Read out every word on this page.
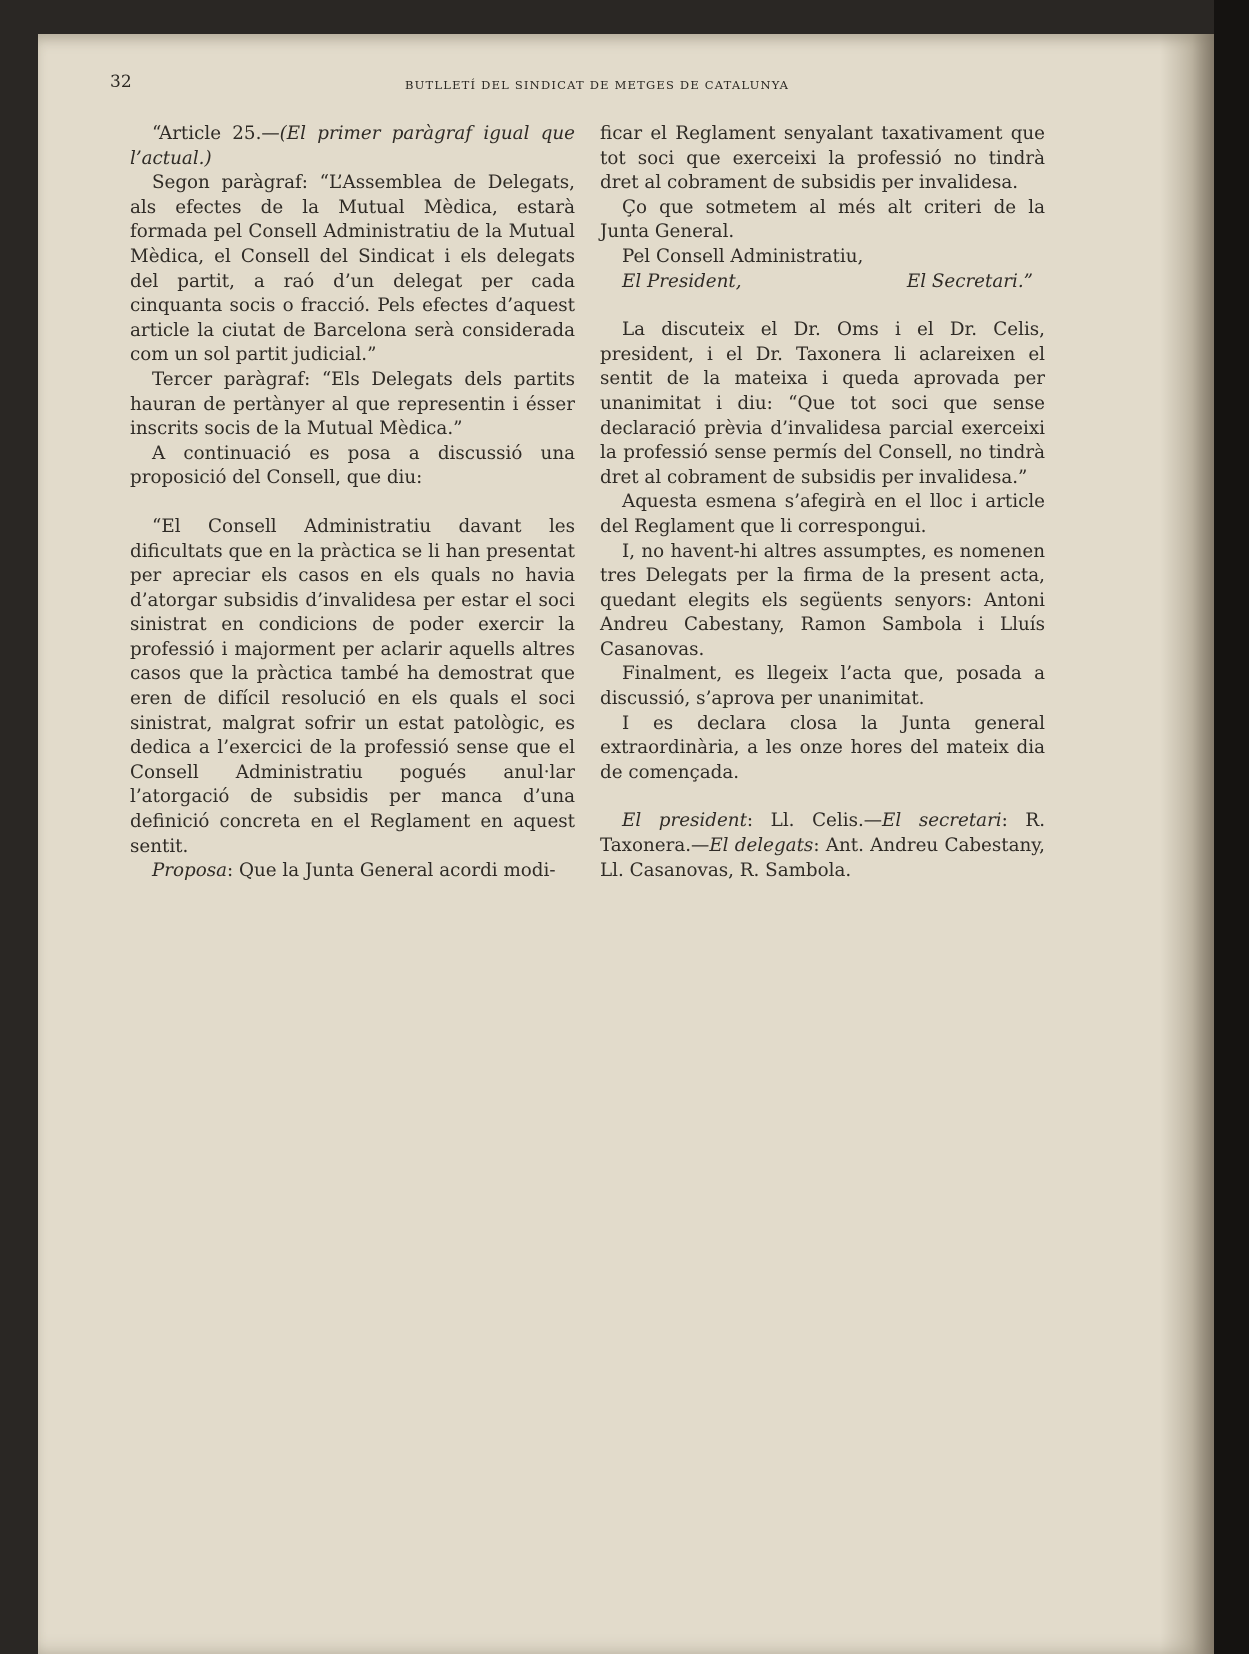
32	BUTLLETÍ DEL SINDICAT DE METGES DE CATALUNYA

“Article 25.—(El primer paràgraf igual que l’actual.)

Segon paràgraf: “L’Assemblea de Delegats, als efectes de la Mutual Mèdica, estarà formada pel Consell Administratiu de la Mutual Mèdica, el Consell del Sindicat i els delegats del partit, a raó d’un delegat per cada cinquanta socis o fracció. Pels efectes d’aquest article la ciutat de Barcelona serà considerada com un sol partit judicial.”

Tercer paràgraf: “Els Delegats dels partits hauran de pertànyer al que representin i ésser inscrits socis de la Mutual Mèdica.”

A continuació es posa a discussió una proposició del Consell, que diu:

“El Consell Administratiu davant les dificultats que en la pràctica se li han presentat per apreciar els casos en els quals no havia d’atorgar subsidis d’invalidesa per estar el soci sinistrat en condicions de poder exercir la professió i majorment per aclarir aquells altres casos que la pràctica també ha demostrat que eren de difícil resolució en els quals el soci sinistrat, malgrat sofrir un estat patològic, es dedica a l’exercici de la professió sense que el Consell Administratiu pogués anul·lar l’atorgació de subsidis per manca d’una definició concreta en el Reglament en aquest sentit.

Proposa: Que la Junta General acordi modi-

ficar el Reglament senyalant taxativament que tot soci que exerceixi la professió no tindrà dret al cobrament de subsidis per invalidesa.

Ço que sotmetem al més alt criteri de la Junta General.

Pel Consell Administratiu,

El President,	El Secretari.”

La discuteix el Dr. Oms i el Dr. Celis, president, i el Dr. Taxonera li aclareixen el sentit de la mateixa i queda aprovada per unanimitat i diu: “Que tot soci que sense declaració prèvia d’invalidesa parcial exerceixi la professió sense permís del Consell, no tindrà dret al cobrament de subsidis per invalidesa.”

Aquesta esmena s’afegirà en el lloc i article del Reglament que li correspongui.

I, no havent-hi altres assumptes, es nomenen tres Delegats per la firma de la present acta, quedant elegits els següents senyors: Antoni Andreu Cabestany, Ramon Sambola i Lluís Casanovas.

Finalment, es llegeix l’acta que, posada a discussió, s’aprova per unanimitat.

I es declara closa la Junta general extraordinària, a les onze hores del mateix dia de començada.

El president: Ll. Celis.—El secretari: R. Taxonera.—El delegats: Ant. Andreu Cabestany, Ll. Casanovas, R. Sambola.
